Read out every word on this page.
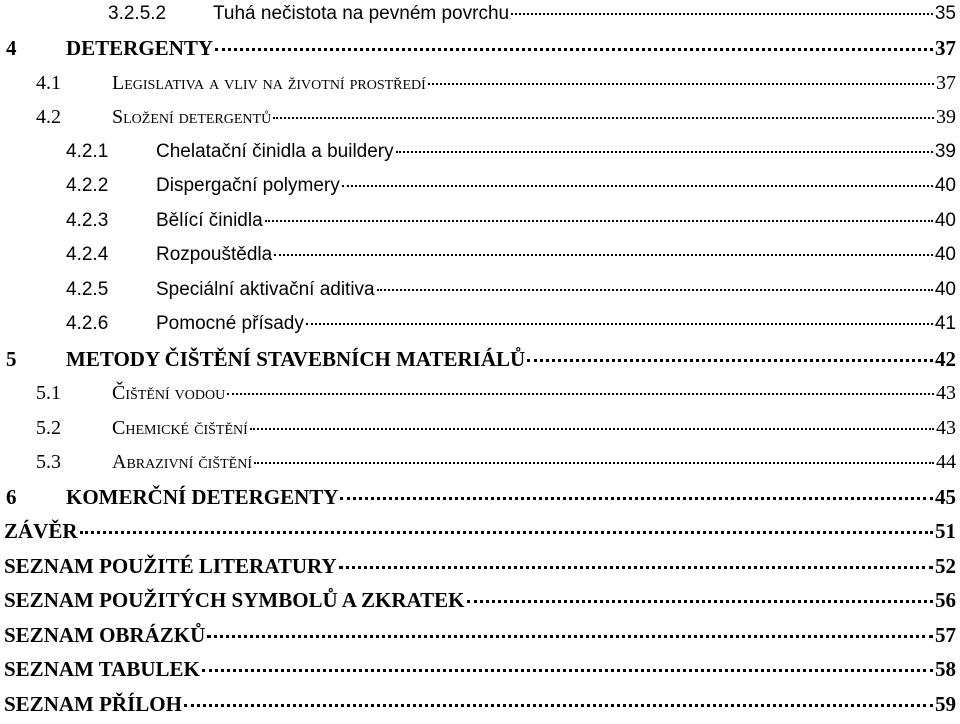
3.2.5.2	Tuhá nečistota na pevném povrchu	35
4	DETERGENTY	37
4.1	Legislativa a vliv na životní prostředí	37
4.2	Složení detergentů	39
4.2.1	Chelatační činidla a buildery	39
4.2.2	Dispergační polymery	40
4.2.3	Bělící činidla	40
4.2.4	Rozpouštědla	40
4.2.5	Speciální aktivační aditiva	40
4.2.6	Pomocné přísady	41
5	METODY ČIŠTĚNÍ STAVEBNÍCH MATERIÁLŮ	42
5.1	Čištění vodou	43
5.2	Chemické čištění	43
5.3	Abrazivní čištění	44
6	KOMERČNÍ DETERGENTY	45
ZÁVĚR	51
SEZNAM POUŽITÉ LITERATURY	52
SEZNAM POUŽITÝCH SYMBOLŮ A ZKRATEK	56
SEZNAM OBRÁZKŮ	57
SEZNAM TABULEK	58
SEZNAM PŘÍLOH	59
